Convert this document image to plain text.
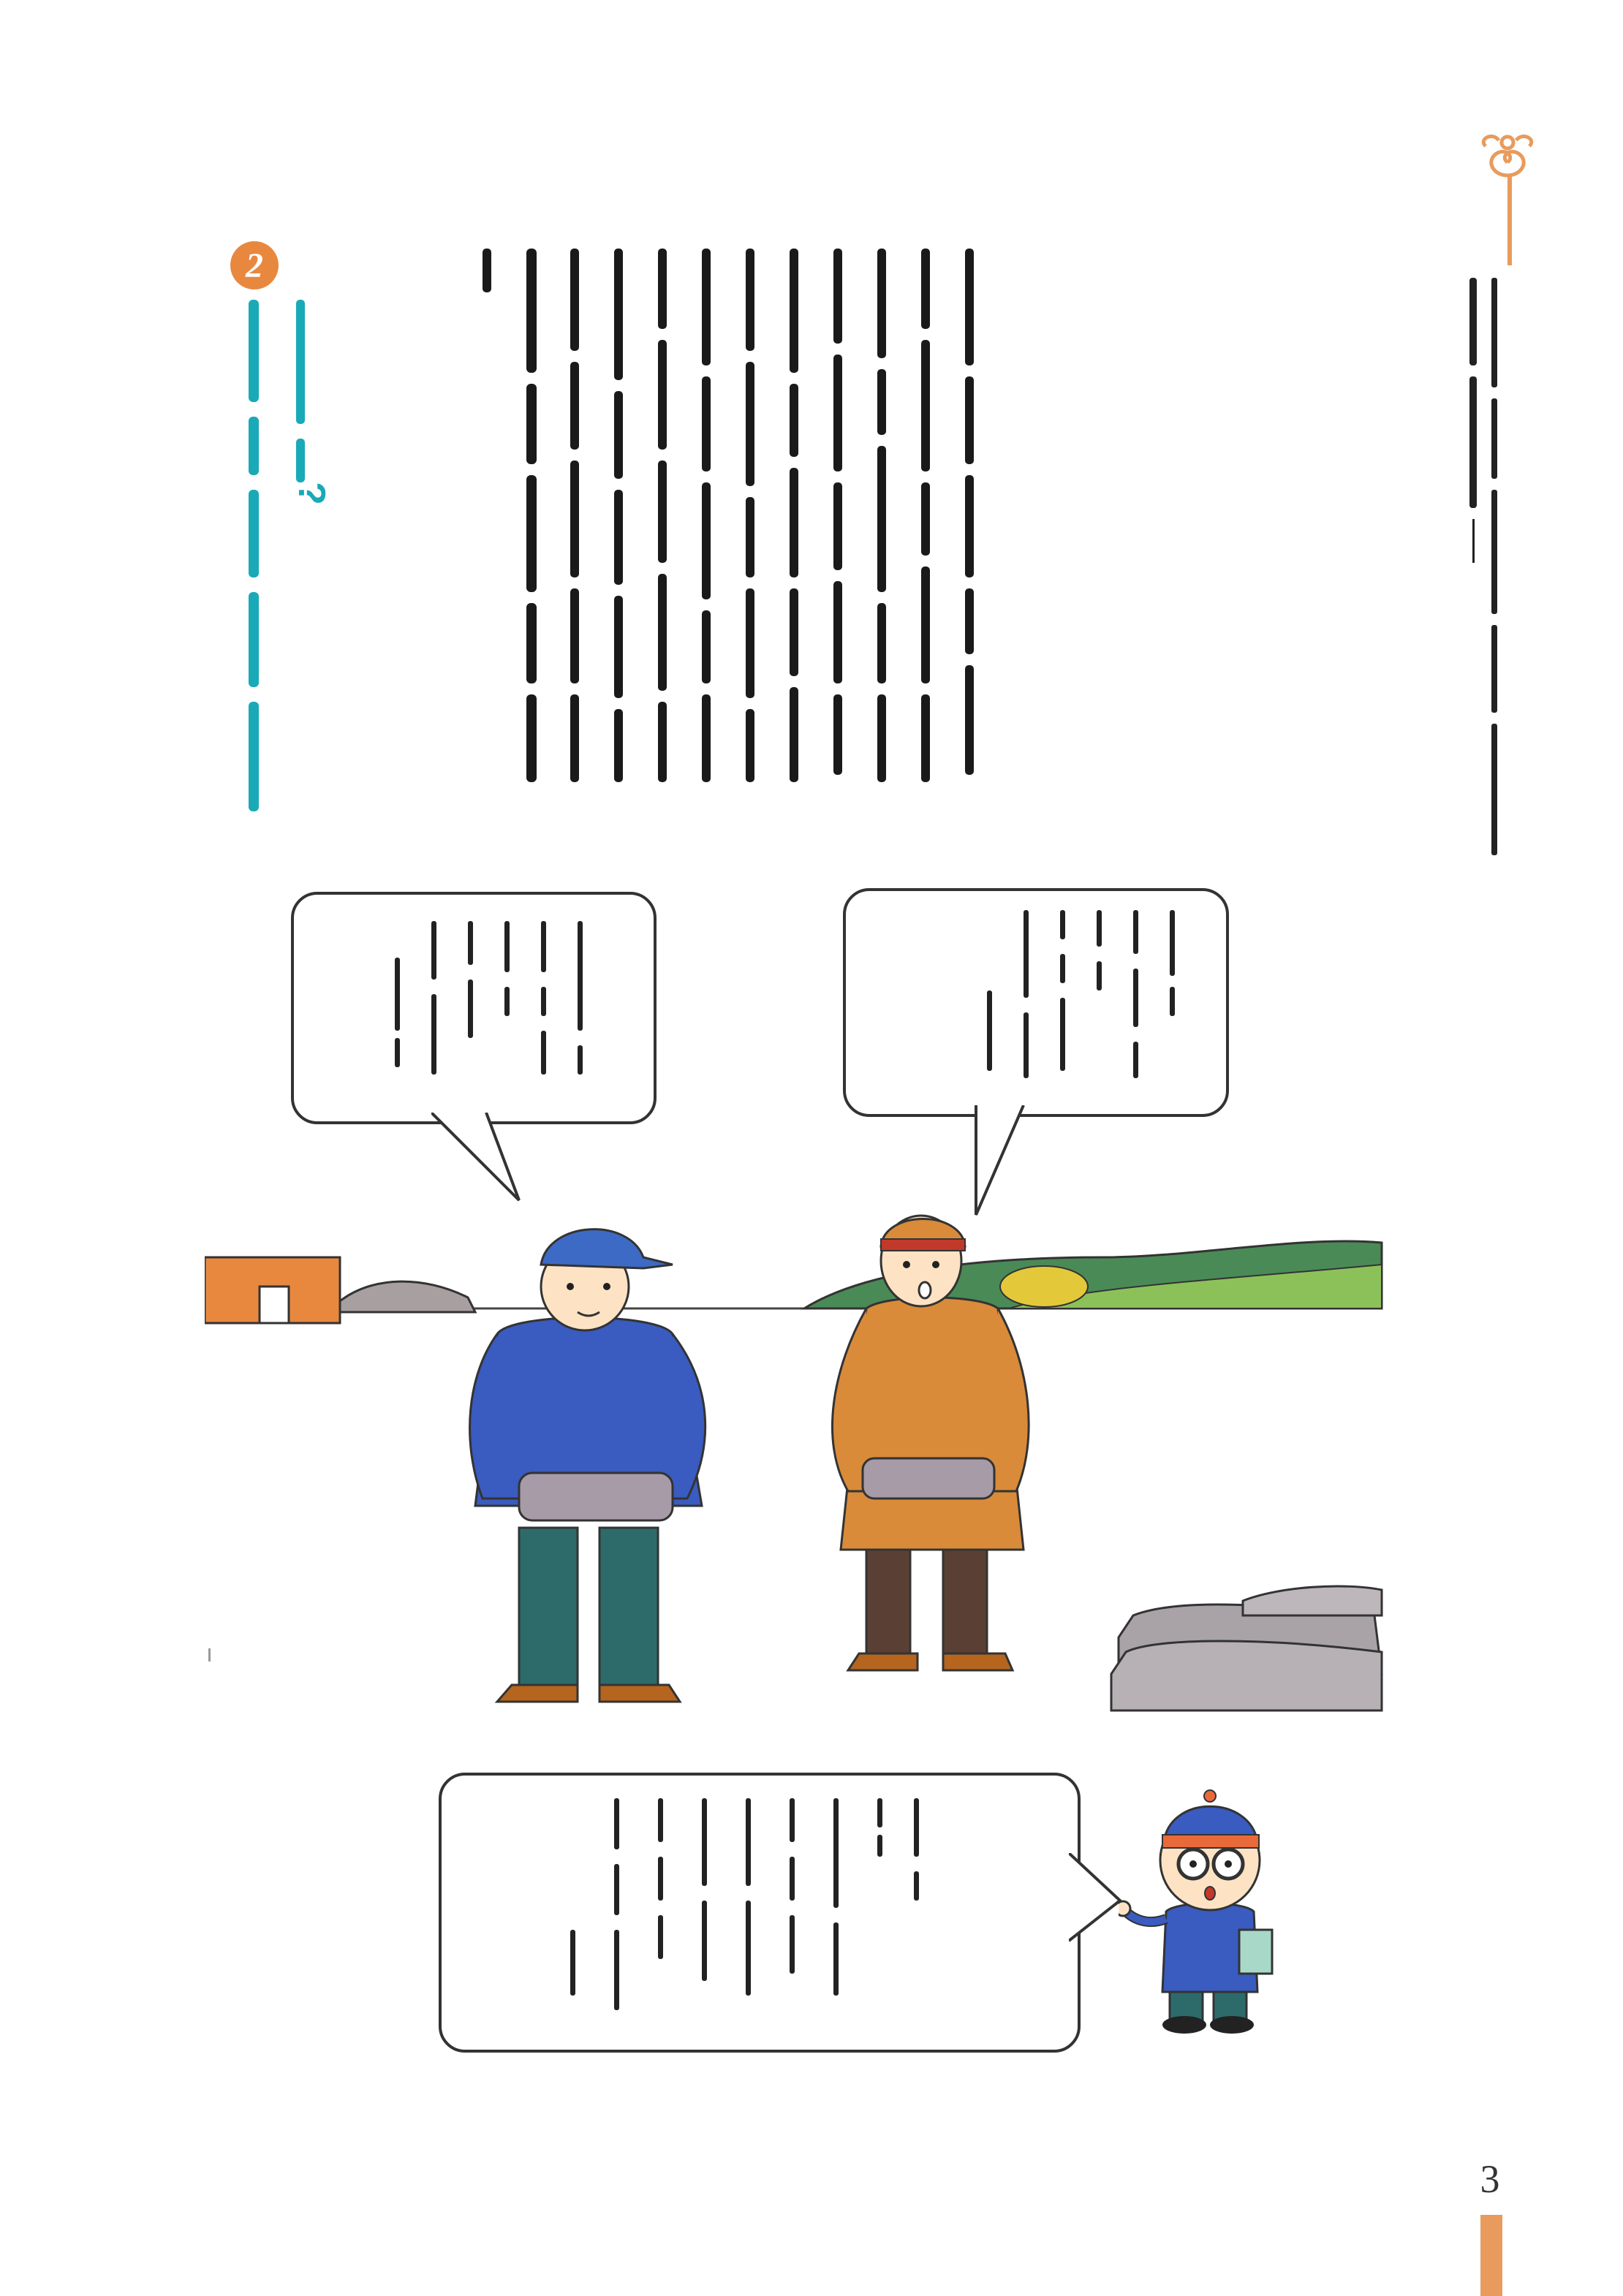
2
?
3
